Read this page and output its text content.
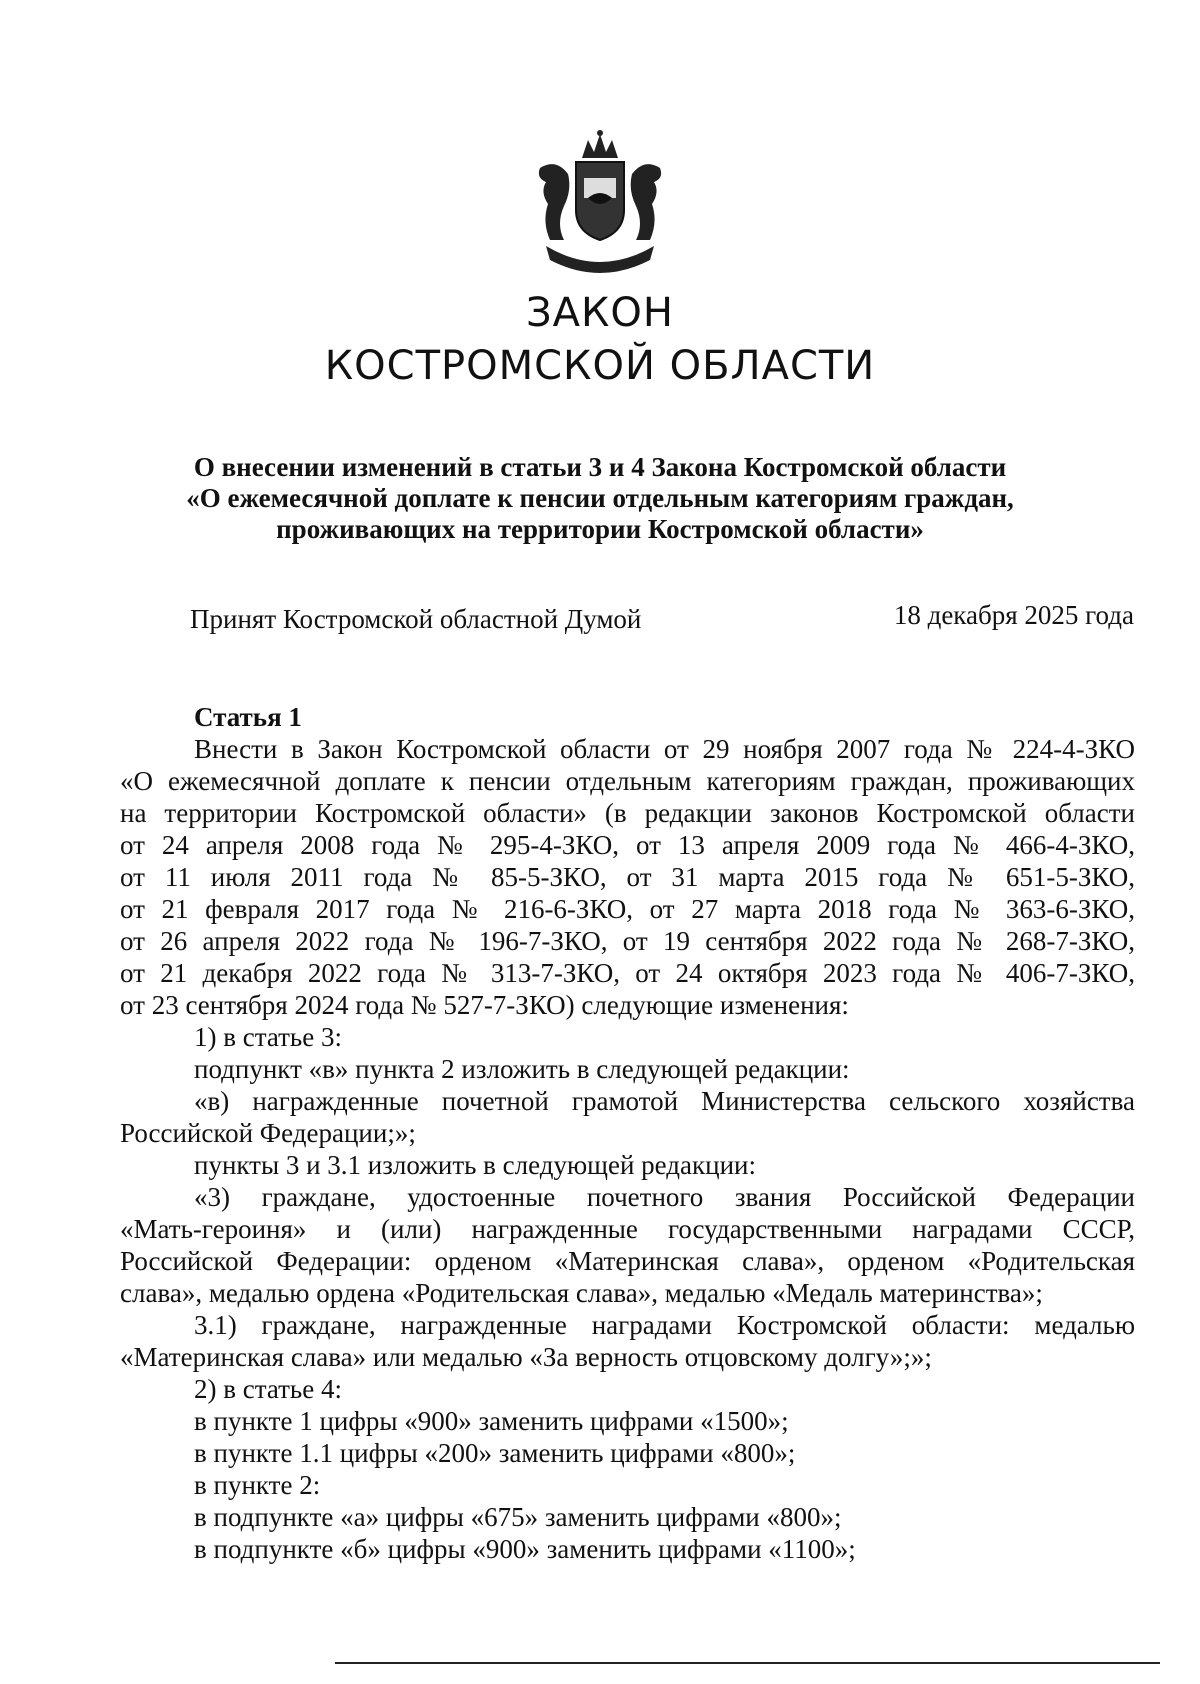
ЗАКОН
КОСТРОМСКОЙ ОБЛАСТИ
О внесении изменений в статьи 3 и 4 Закона Костромской области
«О ежемесячной доплате к пенсии отдельным категориям граждан,
проживающих на территории Костромской области»
Принят Костромской областной Думой	18 декабря 2025 года
Статья 1
Внести в Закон Костромской области от 29 ноября 2007 года № 224-4-ЗКО
«О ежемесячной доплате к пенсии отдельным категориям граждан, проживающих
на территории Костромской области» (в редакции законов Костромской области
от 24 апреля 2008 года № 295-4-ЗКО, от 13 апреля 2009 года № 466-4-ЗКО,
от 11 июля 2011 года № 85-5-ЗКО, от 31 марта 2015 года № 651-5-ЗКО,
от 21 февраля 2017 года № 216-6-ЗКО, от 27 марта 2018 года № 363-6-ЗКО,
от 26 апреля 2022 года № 196-7-ЗКО, от 19 сентября 2022 года № 268-7-ЗКО,
от 21 декабря 2022 года № 313-7-ЗКО, от 24 октября 2023 года № 406-7-ЗКО,
от 23 сентября 2024 года № 527-7-ЗКО) следующие изменения:
1) в статье 3:
подпункт «в» пункта 2 изложить в следующей редакции:
«в) награжденные почетной грамотой Министерства сельского хозяйства
Российской Федерации;»;
пункты 3 и 3.1 изложить в следующей редакции:
«3) граждане, удостоенные почетного звания Российской Федерации
«Мать-героиня» и (или) награжденные государственными наградами СССР,
Российской Федерации: орденом «Материнская слава», орденом «Родительская
слава», медалью ордена «Родительская слава», медалью «Медаль материнства»;
3.1) граждане, награжденные наградами Костромской области: медалью
«Материнская слава» или медалью «За верность отцовскому долгу»;»;
2) в статье 4:
в пункте 1 цифры «900» заменить цифрами «1500»;
в пункте 1.1 цифры «200» заменить цифрами «800»;
в пункте 2:
в подпункте «а» цифры «675» заменить цифрами «800»;
в подпункте «б» цифры «900» заменить цифрами «1100»;
